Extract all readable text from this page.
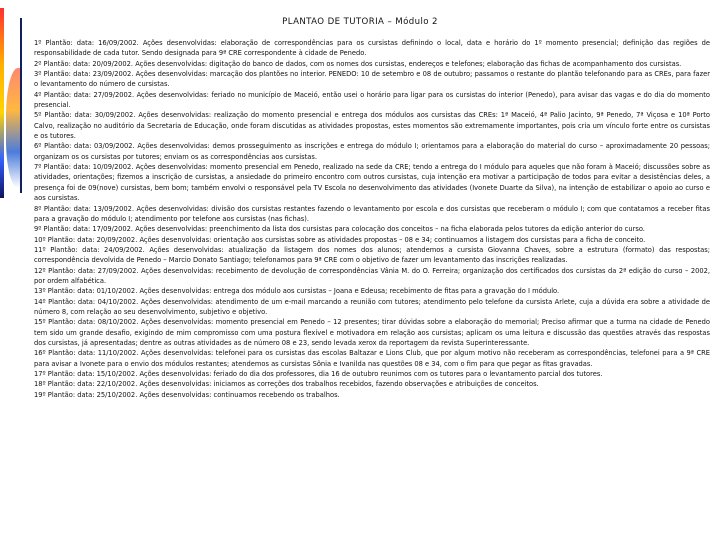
PLANTAO DE TUTORIA – Módulo 2

1º Plantão: data: 16/09/2002. Ações desenvolvidas: elaboração de correspondências para os cursistas definindo o local, data e horário do 1º momento presencial; definição das regiões de responsabilidade de cada tutor. Sendo designada para 9ª CRE correspondente à cidade de Penedo.

2º Plantão: data: 20/09/2002. Ações desenvolvidas: digitação do banco de dados, com os nomes dos cursistas, endereços e telefones; elaboração das fichas de acompanhamento dos cursistas.

3º Plantão: data: 23/09/2002. Ações desenvolvidas: marcação dos plantões no interior. PENEDO: 10 de setembro e 08 de outubro; passamos o restante do plantão telefonando para as CREs, para fazer o levantamento do número de cursistas.

4º Plantão: data: 27/09/2002. Ações desenvolvidas: feriado no município de Maceió, então usei o horário para ligar para os cursistas do interior (Penedo), para avisar das vagas e do dia do momento presencial.

5º Plantão: data: 30/09/2002. Ações desenvolvidas: realização do momento presencial e entrega dos módulos aos cursistas das CREs: 1ª Maceió, 4ª Palio Jacinto, 9ª Penedo, 7ª Viçosa e 10ª Porto Calvo, realização no auditório da Secretaria de Educação, onde foram discutidas as atividades propostas, estes momentos são extremamente importantes, pois cria um vínculo forte entre os cursistas e os tutores.

6º Plantão: data: 03/09/2002. Ações desenvolvidas: demos prosseguimento as inscrições e entrega do módulo I; orientamos para a elaboração do material do curso – aproximadamente 20 pessoas; organizam os os cursistas por tutores; enviam os as correspondências aos cursistas.

7º Plantão: data: 10/09/2002. Ações desenvolvidas: momento presencial em Penedo, realizado na sede da CRE; tendo a entrega do I módulo para aqueles que não foram à Maceió; discussões sobre as atividades, orientações; fizemos a inscrição de cursistas, a ansiedade do primeiro encontro com outros cursistas, cuja intenção era motivar a participação de todos para evitar a desistências deles, a presença foi de 09(nove) cursistas, bem bom; também envolvi o responsável pela TV Escola no desenvolvimento das atividades (Ivonete Duarte da Silva), na intenção de estabilizar o apoio ao curso e aos cursistas.

8º Plantão: data: 13/09/2002. Ações desenvolvidas: divisão dos cursistas restantes fazendo o levantamento por escola e dos cursistas que receberam o módulo I; com que contatamos a receber fitas para a gravação do módulo I; atendimento por telefone aos cursistas (nas fichas).

9º Plantão: data: 17/09/2002. Ações desenvolvidas: preenchimento da lista dos cursistas para colocação dos conceitos – na ficha elaborada pelos tutores da edição anterior do curso.

10º Plantão: data: 20/09/2002. Ações desenvolvidas: orientação aos cursistas sobre as atividades propostas – 08 e 34; continuamos a listagem dos cursistas para a ficha de conceito.

11º Plantão: data: 24/09/2002. Ações desenvolvidas: atualização da listagem dos nomes dos alunos; atendemos a cursista Giovanna Chaves, sobre a estrutura (formato) das respostas; correspondência devolvida de Penedo – Marcio Donato Santiago; telefonamos para 9ª CRE com o objetivo de fazer um levantamento das inscrições realizadas.

12º Plantão: data: 27/09/2002. Ações desenvolvidas: recebimento de devolução de correspondências Vânia M. do O. Ferreira; organização dos certificados dos cursistas da 2ª edição do curso – 2002, por ordem alfabética.

13º Plantão: data: 01/10/2002. Ações desenvolvidas: entrega dos módulo aos cursistas – Joana e Edeusa; recebimento de fitas para a gravação do I módulo.

14º Plantão: data: 04/10/2002. Ações desenvolvidas: atendimento de um e-mail marcando a reunião com tutores; atendimento pelo telefone da cursista Arlete, cuja a dúvida era sobre a atividade de número 8, com relação ao seu desenvolvimento, subjetivo e objetivo.

15º Plantão: data: 08/10/2002. Ações desenvolvidas: momento presencial em Penedo – 12 presentes; tirar dúvidas sobre a elaboração do memorial; Preciso afirmar que a turma na cidade de Penedo tem sido um grande desafio, exigindo de mim compromisso com uma postura flexível e motivadora em relação aos cursistas; aplicam os uma leitura e discussão das questões através das respostas dos cursistas, já apresentadas; dentre as outras atividades as de número 08 e 23, sendo levada xerox da reportagem da revista Superinteressante.

16º Plantão: data: 11/10/2002. Ações desenvolvidas: telefonei para os cursistas das escolas Baltazar e Lions Club, que por algum motivo não receberam as correspondências, telefonei para a 9ª CRE para avisar a Ivonete para o envio dos módulos restantes; atendemos as cursistas Sônia e Ivanilda nas questões 08 e 34, com o fim para que pegar as fitas gravadas.

17º Plantão: data: 15/10/2002. Ações desenvolvidas: feriado do dia dos professores, dia 16 de outubro reunimos com os tutores para o levantamento parcial dos tutores.

18º Plantão: data: 22/10/2002. Ações desenvolvidas: iniciamos as correções dos trabalhos recebidos, fazendo observações e atribuições de conceitos.

19º Plantão: data: 25/10/2002. Ações desenvolvidas: continuamos recebendo os trabalhos.
